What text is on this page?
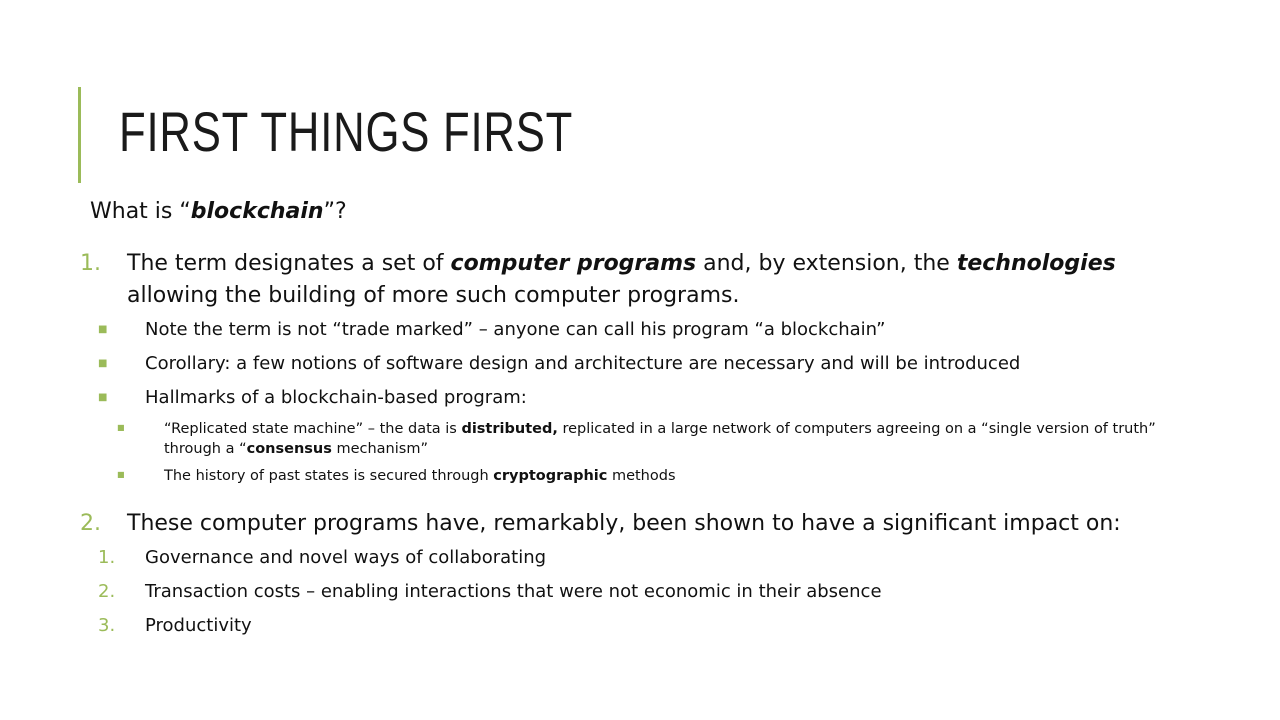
FIRST THINGS FIRST
What is “blockchain”?
1. The term designates a set of computer programs and, by extension, the technologies allowing the building of more such computer programs.
■ Note the term is not “trade marked” – anyone can call his program “a blockchain”
■ Corollary: a few notions of software design and architecture are necessary and will be introduced
■ Hallmarks of a blockchain-based program:
■	“Replicated state machine” – the data is distributed, replicated in a large network of computers agreeing on a “single version of truth” through a “consensus mechanism”
■	The history of past states is secured through cryptographic methods
2. These computer programs have, remarkably, been shown to have a significant impact on:
1. Governance and novel ways of collaborating
2. Transaction costs – enabling interactions that were not economic in their absence
3. Productivity
